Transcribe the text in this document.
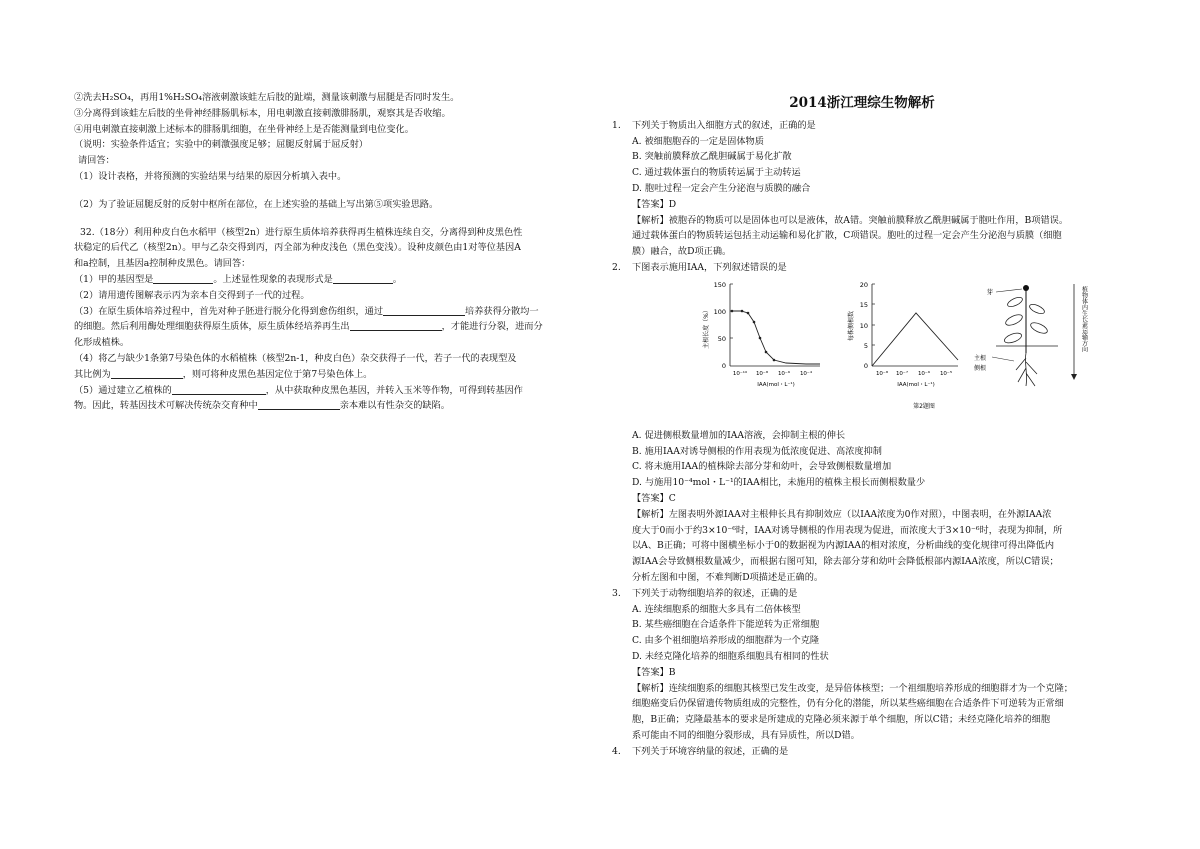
②洗去H₂SO₄，再用1%H₂SO₄溶液刺激该蛙左后肢的趾端，测量该刺激与屈腿是否同时发生。
③分离得到该蛙左后肢的坐骨神经腓肠肌标本，用电刺激直接刺激腓肠肌，观察其是否收缩。
④用电刺激直接刺激上述标本的腓肠肌细胞，在坐骨神经上是否能测量到电位变化。
（说明：实验条件适宜；实验中的刺激强度足够；屈腿反射属于屈反射）
请回答：
（1）设计表格，并将预测的实验结果与结果的原因分析填入表中。
（2）为了验证屈腿反射的反射中枢所在部位，在上述实验的基础上写出第⑤项实验思路。
32.（18分）利用种皮白色水稻甲（核型2n）进行原生质体培养获得再生植株连续自交，分离得到种皮黑色性
状稳定的后代乙（核型2n）。甲与乙杂交得到丙，丙全部为种皮浅色（黑色变浅）。设种皮颜色由1对等位基因A
和a控制，且基因a控制种皮黑色。请回答：
（1）甲的基因型是	。上述显性现象的表现形式是	。
（2）请用遗传图解表示丙为亲本自交得到子一代的过程。
（3）在原生质体培养过程中，首先对种子胚进行脱分化得到愈伤组织，通过	培养获得分散均一
的细胞。然后利用酶处理细胞获得原生质体，原生质体经培养再生出	，才能进行分裂，进而分
化形成植株。
（4）将乙与缺少1条第7号染色体的水稻植株（核型2n-1，种皮白色）杂交获得子一代，若子一代的表现型及
其比例为	，则可将种皮黑色基因定位于第7号染色体上。
（5）通过建立乙植株的	，从中获取种皮黑色基因，并转入玉米等作物，可得到转基因作
物。因此，转基因技术可解决传统杂交育种中	亲本难以有性杂交的缺陷。
2014浙江理综生物解析
1. 下列关于物质出入细胞方式的叙述，正确的是
A. 被细胞胞吞的一定是固体物质
B. 突触前膜释放乙酰胆碱属于易化扩散
C. 通过载体蛋白的物质转运属于主动转运
D. 胞吐过程一定会产生分泌泡与质膜的融合
【答案】D
【解析】被胞吞的物质可以是固体也可以是液体，故A错。突触前膜释放乙酰胆碱属于胞吐作用，B项错误。
通过载体蛋白的物质转运包括主动运输和易化扩散，C项错误。胞吐的过程一定会产生分泌泡与质膜（细胞
膜）融合，故D项正确。
2. 下图表示施用IAA，下列叙述错误的是
150
100
50
0
主根长度（%）
10⁻¹⁰ 10⁻⁸ 10⁻⁶ 10⁻⁴
IAA(mol・L⁻¹)
20
15
10
5
0
每株侧根数
10⁻⁸ 10⁻⁷ 10⁻⁶ 10⁻⁵
IAA(mol・L⁻¹)
芽
主根
侧根
植物体内生长素运输方向
第2题图
A. 促进侧根数量增加的IAA溶液，会抑制主根的伸长
B. 施用IAA对诱导侧根的作用表现为低浓度促进、高浓度抑制
C. 将未施用IAA的植株除去部分芽和幼叶，会导致侧根数量增加
D. 与施用10⁻⁴mol・L⁻¹的IAA相比，未施用的植株主根长而侧根数量少
【答案】C
【解析】左图表明外源IAA对主根伸长具有抑制效应（以IAA浓度为0作对照），中图表明，在外源IAA浓
度大于0而小于约3×10⁻⁶时，IAA对诱导侧根的作用表现为促进，而浓度大于3×10⁻⁶时，表现为抑制，所
以A、B正确；可将中图横坐标小于0的数据视为内源IAA的相对浓度，分析曲线的变化规律可得出降低内
源IAA会导致侧根数量减少，而根据右图可知，除去部分芽和幼叶会降低根部内源IAA浓度，所以C错误；
分析左图和中图，不难判断D项描述是正确的。
3. 下列关于动物细胞培养的叙述，正确的是
A. 连续细胞系的细胞大多具有二倍体核型
B. 某些癌细胞在合适条件下能逆转为正常细胞
C. 由多个祖细胞培养形成的细胞群为一个克隆
D. 未经克隆化培养的细胞系细胞具有相同的性状
【答案】B
【解析】连续细胞系的细胞其核型已发生改变，是异倍体核型；一个祖细胞培养形成的细胞群才为一个克隆；
细胞癌变后仍保留遗传物质组成的完整性，仍有分化的潜能，所以某些癌细胞在合适条件下可逆转为正常细
胞，B正确；克隆最基本的要求是所建成的克隆必须来源于单个细胞，所以C错；未经克隆化培养的细胞
系可能由不同的细胞分裂形成，具有异质性，所以D错。
4. 下列关于环境容纳量的叙述，正确的是
